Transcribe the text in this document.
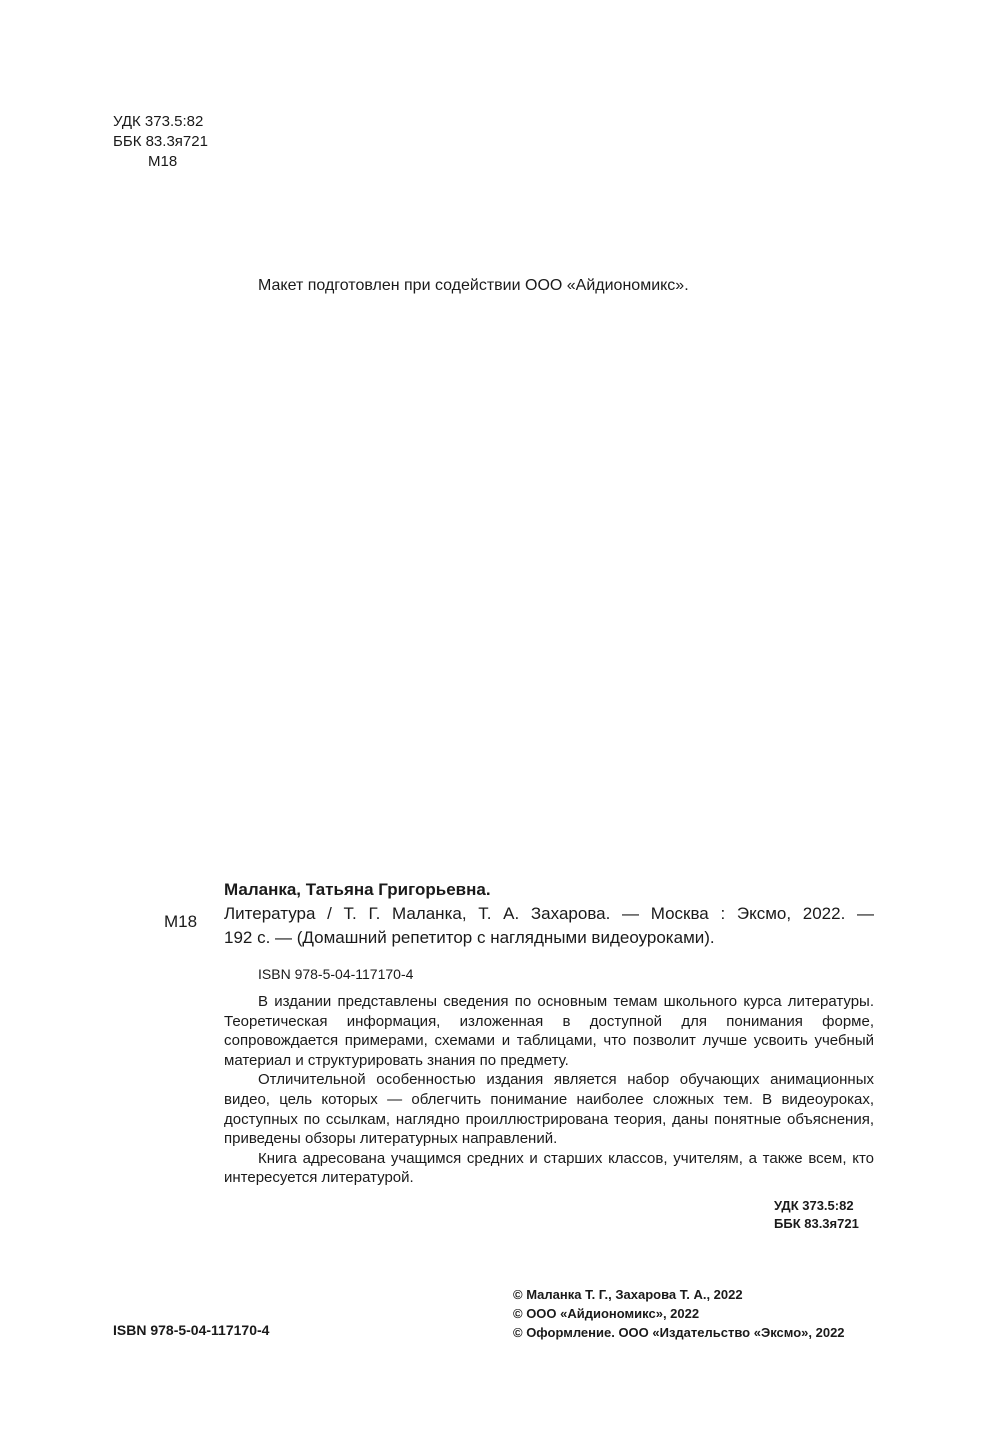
УДК 373.5:82
ББК 83.3я721
М18
Макет подготовлен при содействии ООО «Айдиономикс».
М18
Маланка, Татьяна Григорьевна.
Литература / Т. Г. Маланка, Т. А. Захарова. — Москва : Эксмо, 2022. —
192 с. — (Домашний репетитор с наглядными видеоуроками).
ISBN 978-5-04-117170-4

В издании представлены сведения по основным темам школьного курса литературы. Теоретическая информация, изложенная в доступной для понимания форме, сопровождается примерами, схемами и таблицами, что позволит лучше усвоить учебный материал и структурировать знания по предмету.

Отличительной особенностью издания является набор обучающих анимационных видео, цель которых — облегчить понимание наиболее сложных тем. В видеоуроках, доступных по ссылкам, наглядно проиллюстрирована теория, даны понятные объяснения, приведены обзоры литературных направлений.

Книга адресована учащимся средних и старших классов, учителям, а также всем, кто интересуется литературой.

УДК 373.5:82
ББК 83.3я721
ISBN 978-5-04-117170-4
© Маланка Т. Г., Захарова Т. А., 2022
© ООО «Айдиономикс», 2022
© Оформление. ООО «Издательство «Эксмо», 2022
